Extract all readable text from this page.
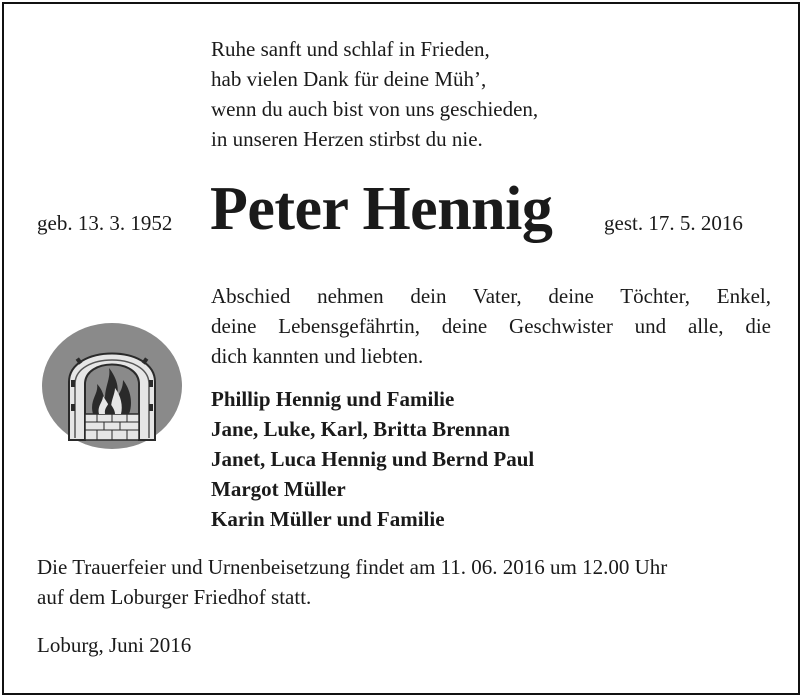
Ruhe sanft und schlaf in Frieden,
hab vielen Dank für deine Müh’,
wenn du auch bist von uns geschieden,
in unseren Herzen stirbst du nie.
geb. 13. 3. 1952 Peter Hennig gest. 17. 5. 2016
Abschied nehmen dein Vater, deine Töchter, Enkel,
deine Lebensgefährtin, deine Geschwister und alle, die
dich kannten und liebten.
Phillip Hennig und Familie
Jane, Luke, Karl, Britta Brennan
Janet, Luca Hennig und Bernd Paul
Margot Müller
Karin Müller und Familie
Die Trauerfeier und Urnenbeisetzung findet am 11. 06. 2016 um 12.00 Uhr
auf dem Loburger Friedhof statt.
Loburg, Juni 2016
